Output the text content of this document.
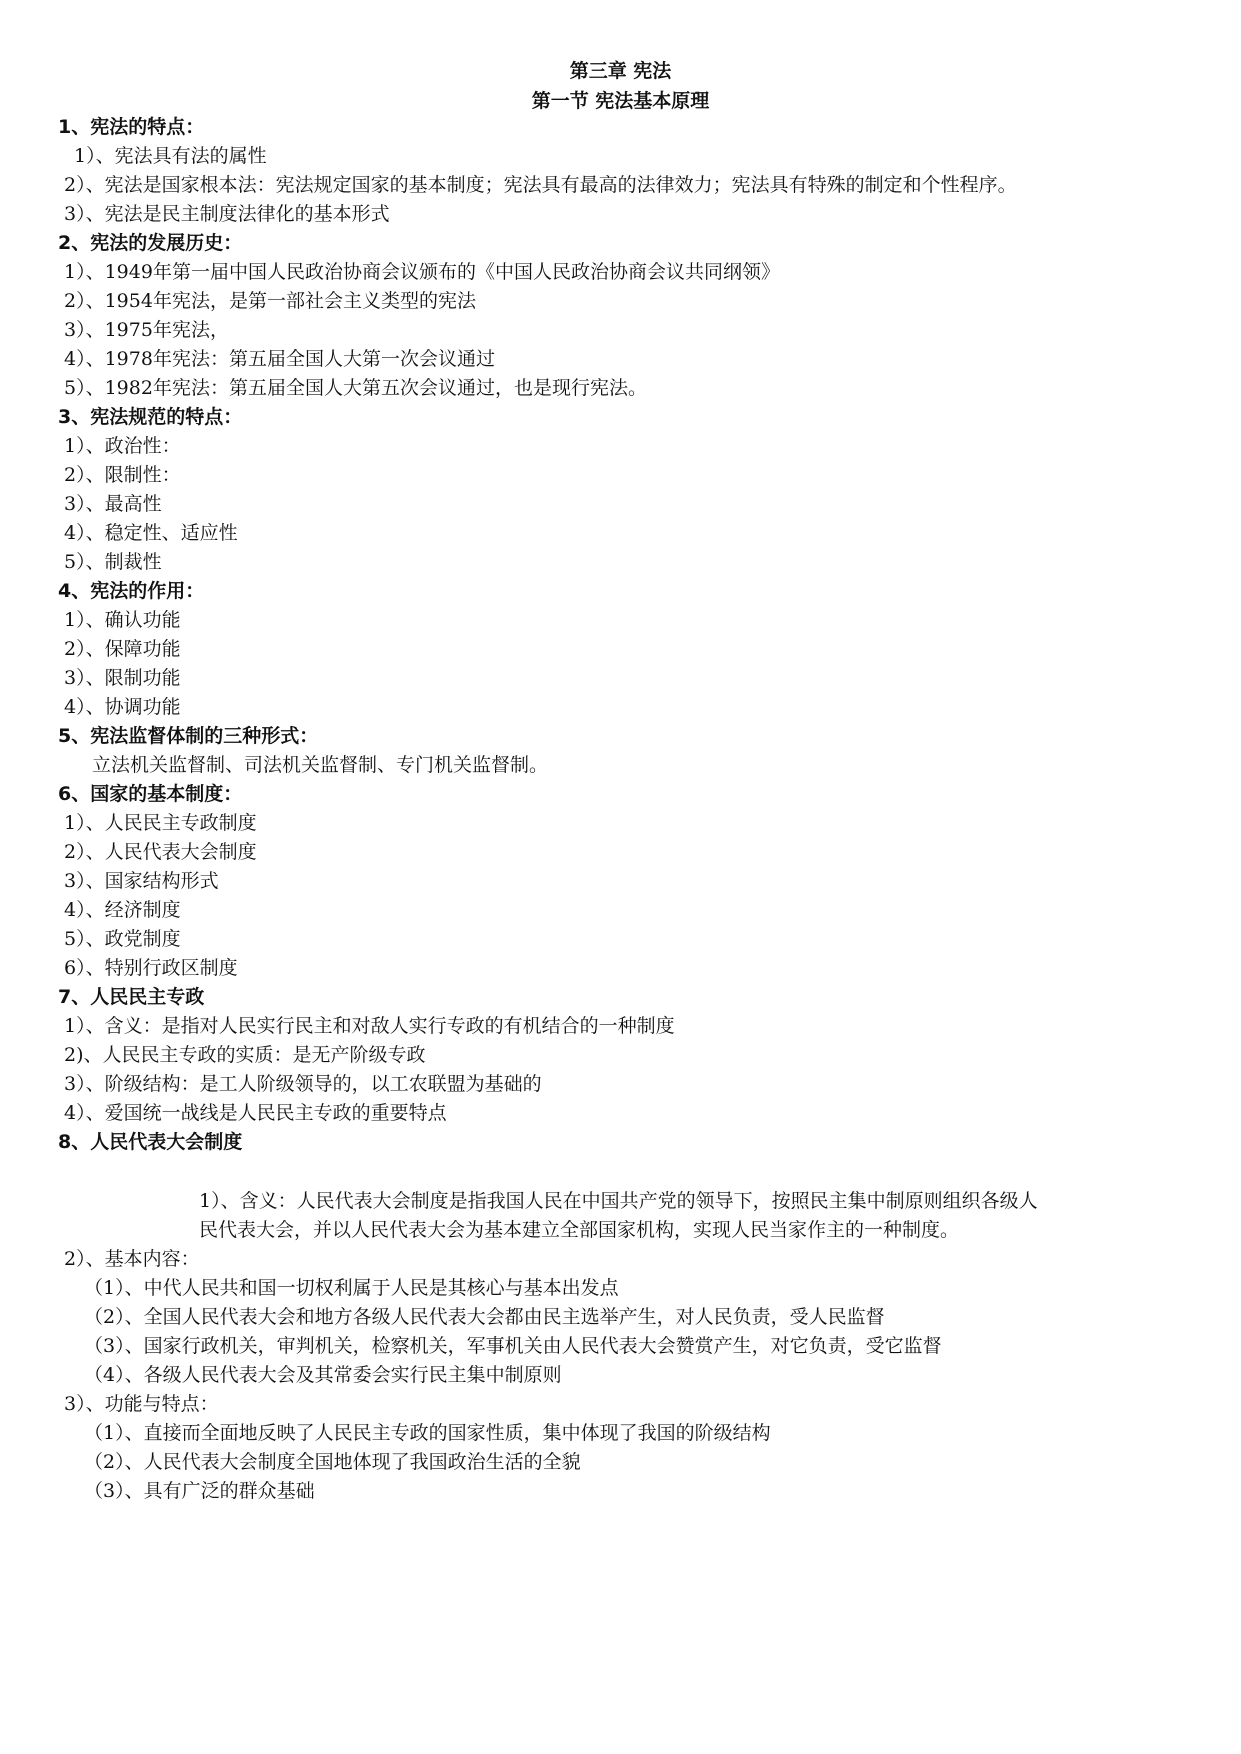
第三章 宪法
第一节 宪法基本原理
1、宪法的特点：
1）、宪法具有法的属性
2）、宪法是国家根本法：宪法规定国家的基本制度；宪法具有最高的法律效力；宪法具有特殊的制定和个性程序。
3）、宪法是民主制度法律化的基本形式
2、宪法的发展历史：
1）、1949年第一届中国人民政治协商会议颁布的《中国人民政治协商会议共同纲领》
2）、1954年宪法，是第一部社会主义类型的宪法
3）、1975年宪法，
4）、1978年宪法：第五届全国人大第一次会议通过
5）、1982年宪法：第五届全国人大第五次会议通过，也是现行宪法。
3、宪法规范的特点：
1）、政治性：
2）、限制性：
3）、最高性
4）、稳定性、适应性
5）、制裁性
4、宪法的作用：
1）、确认功能
2）、保障功能
3）、限制功能
4）、协调功能
5、宪法监督体制的三种形式：
立法机关监督制、司法机关监督制、专门机关监督制。
6、国家的基本制度：
1）、人民民主专政制度
2）、人民代表大会制度
3）、国家结构形式
4）、经济制度
5）、政党制度
6）、特别行政区制度
7、人民民主专政
1）、含义：是指对人民实行民主和对敌人实行专政的有机结合的一种制度
2)、人民民主专政的实质：是无产阶级专政
3）、阶级结构：是工人阶级领导的，以工农联盟为基础的
4）、爱国统一战线是人民民主专政的重要特点
8、人民代表大会制度
1）、含义：人民代表大会制度是指我国人民在中国共产党的领导下，按照民主集中制原则组织各级人
民代表大会，并以人民代表大会为基本建立全部国家机构，实现人民当家作主的一种制度。
2）、基本内容：
（1）、中代人民共和国一切权利属于人民是其核心与基本出发点
（2）、全国人民代表大会和地方各级人民代表大会都由民主选举产生，对人民负责，受人民监督
（3）、国家行政机关，审判机关，检察机关，军事机关由人民代表大会赞赏产生，对它负责，受它监督
（4）、各级人民代表大会及其常委会实行民主集中制原则
3）、功能与特点：
（1）、直接而全面地反映了人民民主专政的国家性质，集中体现了我国的阶级结构
（2）、人民代表大会制度全国地体现了我国政治生活的全貌
（3）、具有广泛的群众基础
